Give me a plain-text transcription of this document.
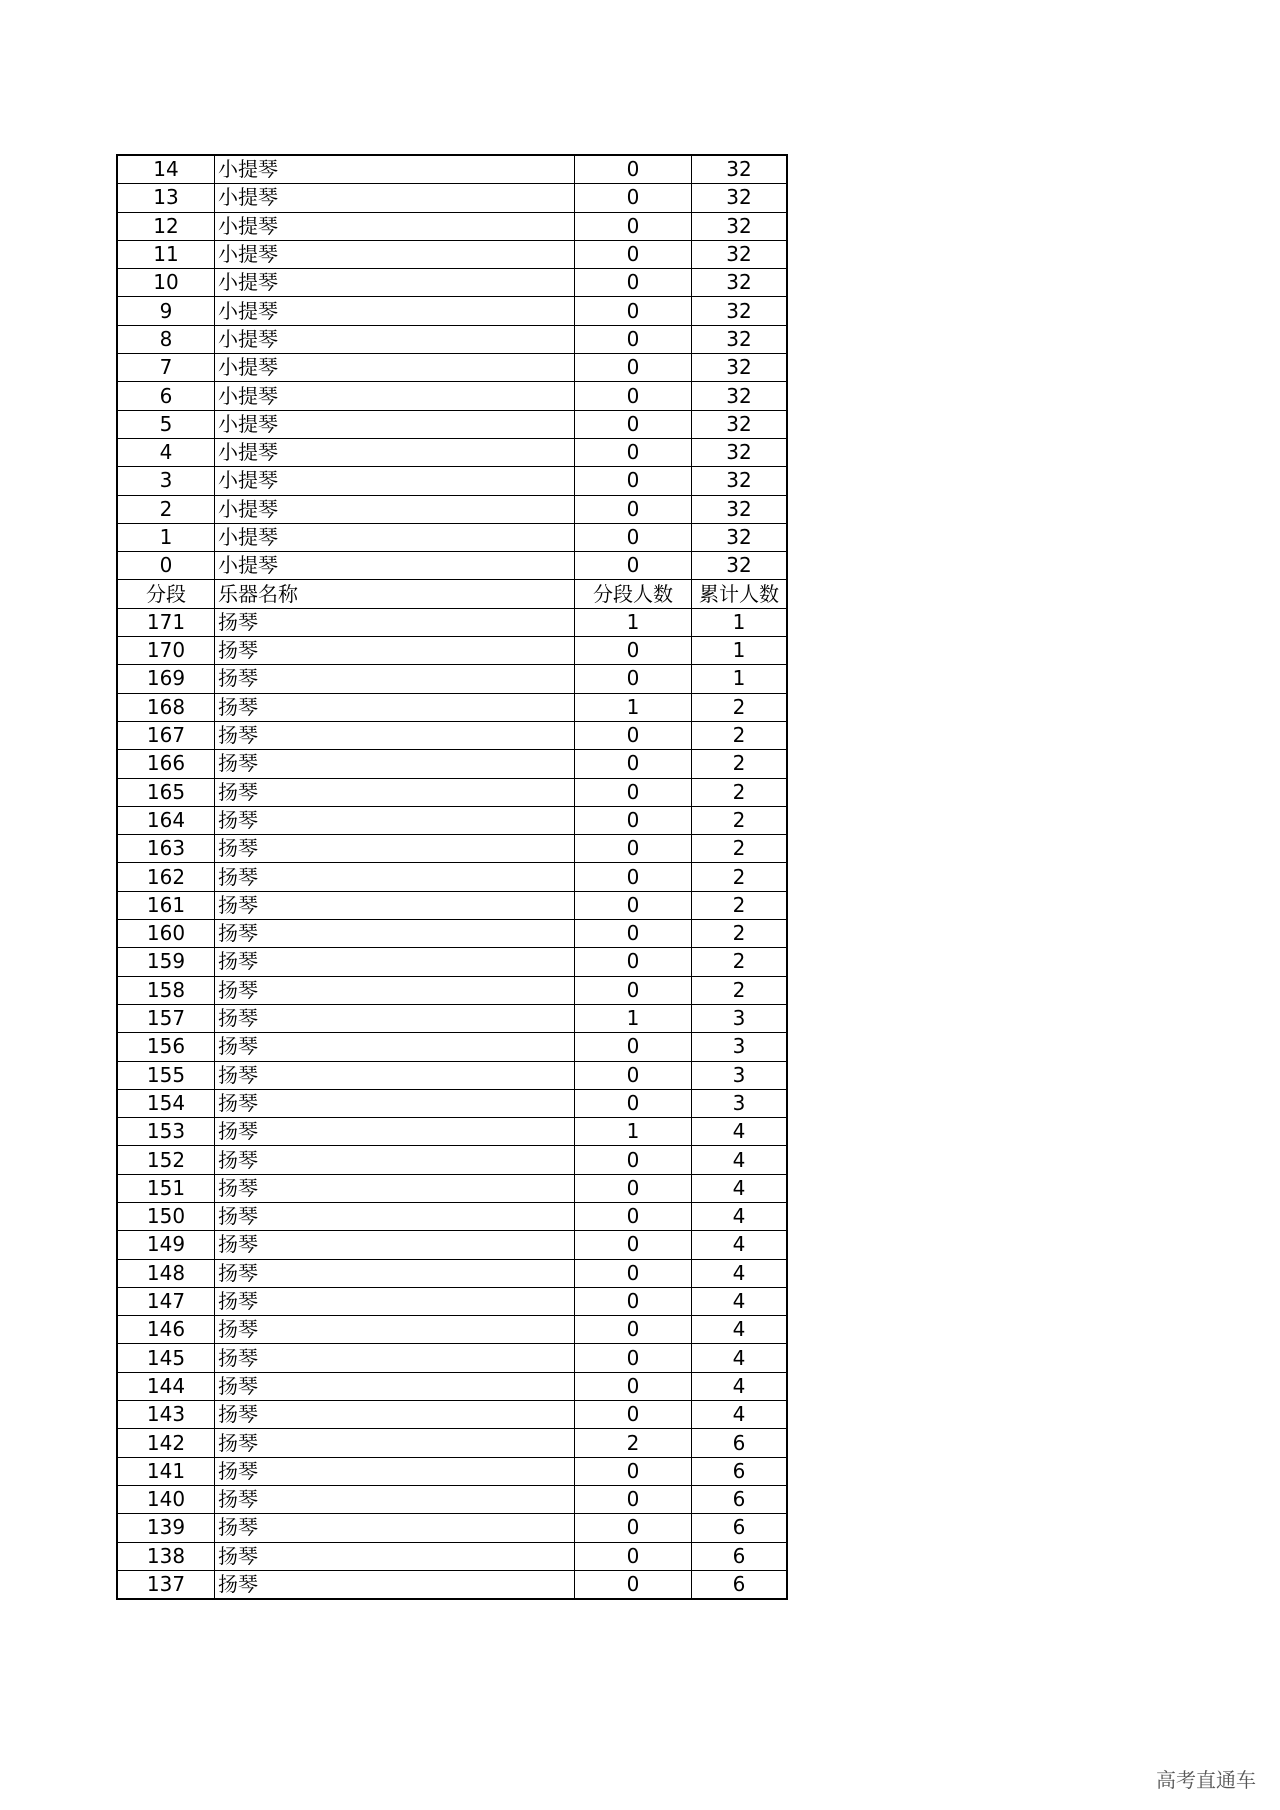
14	小提琴	0	32
13	小提琴	0	32
12	小提琴	0	32
11	小提琴	0	32
10	小提琴	0	32
9	小提琴	0	32
8	小提琴	0	32
7	小提琴	0	32
6	小提琴	0	32
5	小提琴	0	32
4	小提琴	0	32
3	小提琴	0	32
2	小提琴	0	32
1	小提琴	0	32
0	小提琴	0	32
分段	乐器名称	分段人数	累计人数
171	扬琴	1	1
170	扬琴	0	1
169	扬琴	0	1
168	扬琴	1	2
167	扬琴	0	2
166	扬琴	0	2
165	扬琴	0	2
164	扬琴	0	2
163	扬琴	0	2
162	扬琴	0	2
161	扬琴	0	2
160	扬琴	0	2
159	扬琴	0	2
158	扬琴	0	2
157	扬琴	1	3
156	扬琴	0	3
155	扬琴	0	3
154	扬琴	0	3
153	扬琴	1	4
152	扬琴	0	4
151	扬琴	0	4
150	扬琴	0	4
149	扬琴	0	4
148	扬琴	0	4
147	扬琴	0	4
146	扬琴	0	4
145	扬琴	0	4
144	扬琴	0	4
143	扬琴	0	4
142	扬琴	2	6
141	扬琴	0	6
140	扬琴	0	6
139	扬琴	0	6
138	扬琴	0	6
137	扬琴	0	6
高考直通车
